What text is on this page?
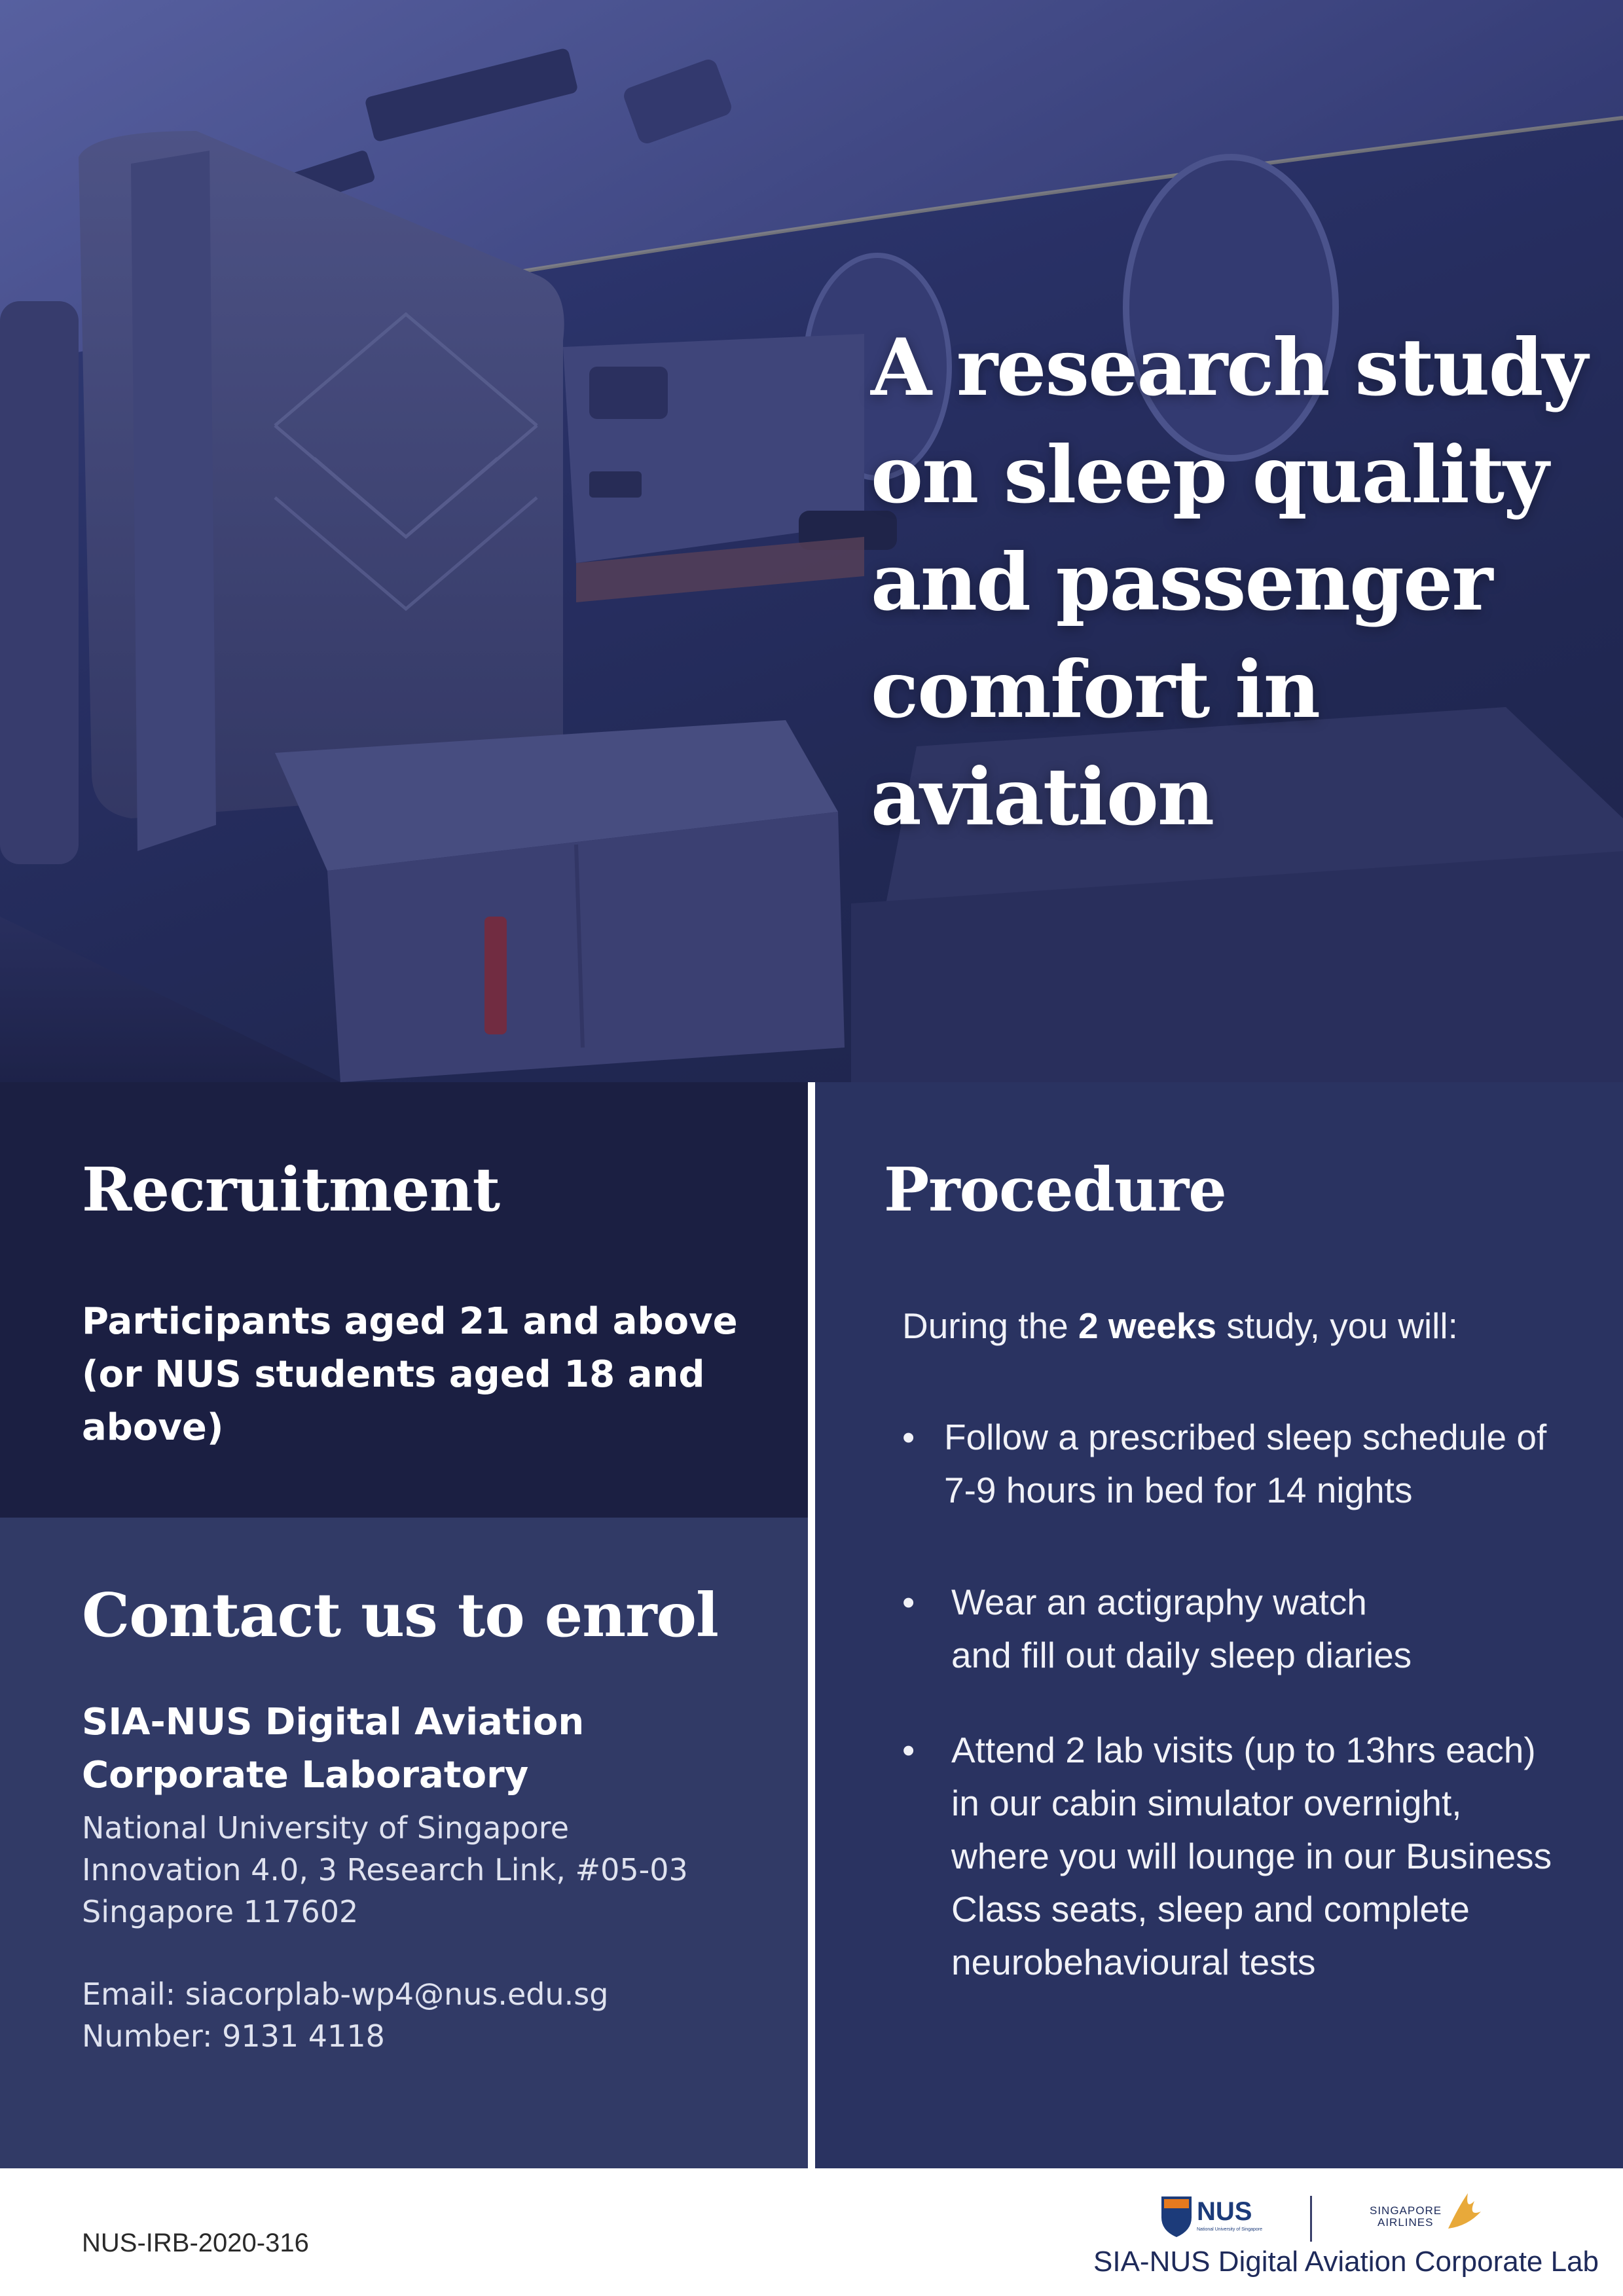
A research study
on sleep quality
and passenger
comfort in
aviation
Recruitment
Participants aged 21 and above
(or NUS students aged 18 and
above)
Contact us to enrol
SIA-NUS Digital Aviation
Corporate Laboratory
National University of Singapore
Innovation 4.0, 3 Research Link, #05-03
Singapore 117602
Email: siacorplab-wp4@nus.edu.sg
Number: 9131 4118
Procedure
During the 2 weeks study, you will:
• Follow a prescribed sleep schedule of
7-9 hours in bed for 14 nights
•	Wear an actigraphy watch
and fill out daily sleep diaries
•	Attend 2 lab visits (up to 13hrs each)
in our cabin simulator overnight,
where you will lounge in our Business
Class seats, sleep and complete
neurobehavioural tests
NUS-IRB-2020-316
NUS
National University of Singapore
SINGAPORE
AIRLINES
SIA-NUS Digital Aviation Corporate Lab
